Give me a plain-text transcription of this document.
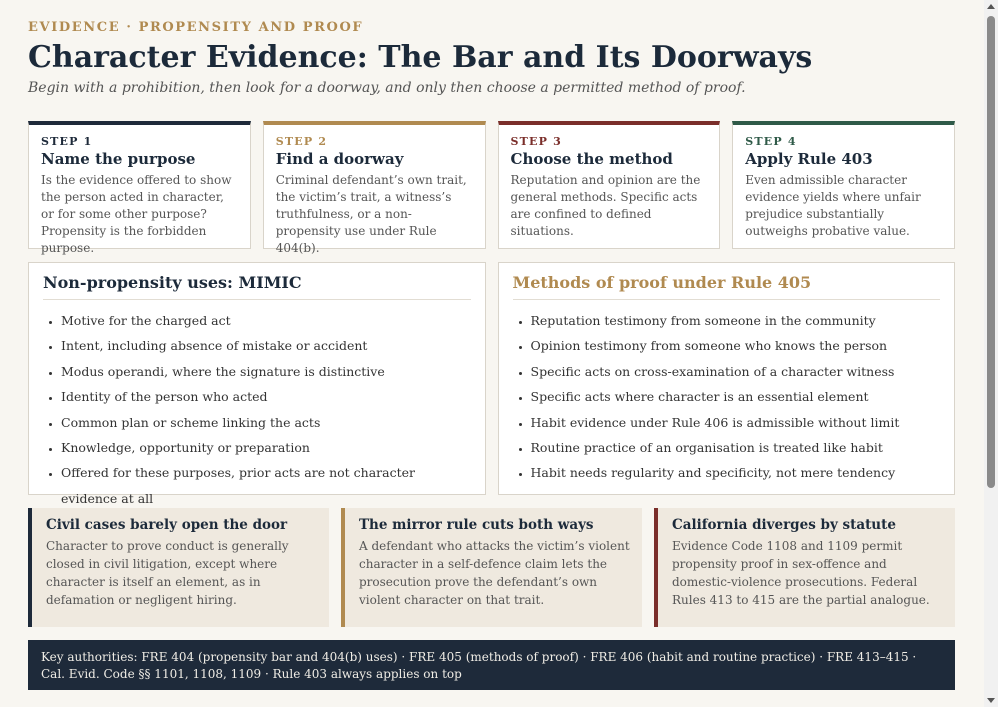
EVIDENCE · PROPENSITY AND PROOF
Character Evidence: The Bar and Its Doorways
Begin with a prohibition, then look for a doorway, and only then choose a permitted method of proof.
STEP 1
Name the purpose
Is the evidence offered to show the person acted in character, or for some other purpose? Propensity is the forbidden purpose.
STEP 2
Find a doorway
Criminal defendant’s own trait, the victim’s trait, a witness’s truthfulness, or a non-propensity use under Rule 404(b).
STEP 3
Choose the method
Reputation and opinion are the general methods. Specific acts are confined to defined situations.
STEP 4
Apply Rule 403
Even admissible character evidence yields where unfair prejudice substantially outweighs probative value.
Non-propensity uses: MIMIC
• Motive for the charged act
• Intent, including absence of mistake or accident
• Modus operandi, where the signature is distinctive
• Identity of the person who acted
• Common plan or scheme linking the acts
• Knowledge, opportunity or preparation
• Offered for these purposes, prior acts are not character evidence at all
Methods of proof under Rule 405
• Reputation testimony from someone in the community
• Opinion testimony from someone who knows the person
• Specific acts on cross-examination of a character witness
• Specific acts where character is an essential element
• Habit evidence under Rule 406 is admissible without limit
• Routine practice of an organisation is treated like habit
• Habit needs regularity and specificity, not mere tendency
Civil cases barely open the door
Character to prove conduct is generally closed in civil litigation, except where character is itself an element, as in defamation or negligent hiring.
The mirror rule cuts both ways
A defendant who attacks the victim’s violent character in a self-defence claim lets the prosecution prove the defendant’s own violent character on that trait.
California diverges by statute
Evidence Code 1108 and 1109 permit propensity proof in sex-offence and domestic-violence prosecutions. Federal Rules 413 to 415 are the partial analogue.
Key authorities: FRE 404 (propensity bar and 404(b) uses) · FRE 405 (methods of proof) · FRE 406 (habit and routine practice) · FRE 413–415 · Cal. Evid. Code §§ 1101, 1108, 1109 · Rule 403 always applies on top
